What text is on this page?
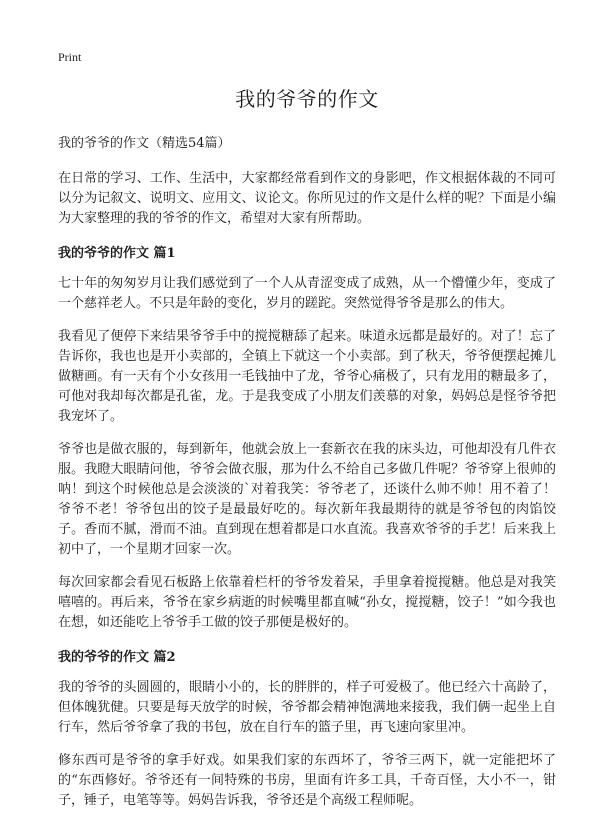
Print
我的爷爷的作文
我的爷爷的作文（精选54篇）

在日常的学习、工作、生活中，大家都经常看到作文的身影吧，作文根据体裁的不同可以分为记叙文、说明文、应用文、议论文。你所见过的作文是什么样的呢？下面是小编为大家整理的我的爷爷的作文，希望对大家有所帮助。

我的爷爷的作文 篇1

七十年的匆匆岁月让我们感觉到了一个人从青涩变成了成熟，从一个懵懂少年，变成了一个慈祥老人。不只是年龄的变化，岁月的蹉跎。突然觉得爷爷是那么的伟大。

我看见了便停下来结果爷爷手中的搅搅糖舔了起来。味道永远都是最好的。对了！忘了告诉你，我也也是开小卖部的，全镇上下就这一个小卖部。到了秋天，爷爷便摆起摊儿做糖画。有一天有个小女孩用一毛钱抽中了龙，爷爷心痛极了，只有龙用的糖最多了，可他对我却每次都是孔雀，龙。于是我变成了小朋友们羡慕的对象，妈妈总是怪爷爷把我宠坏了。

爷爷也是做衣服的，每到新年，他就会放上一套新衣在我的床头边，可他却没有几件衣服。我瞪大眼睛问他，爷爷会做衣服，那为什么不给自己多做几件呢？爷爷穿上很帅的呐！到这个时候他总是会淡淡的`对着我笑：爷爷老了，还谈什么帅不帅！用不着了！爷爷不老！爷爷包出的饺子是最最好吃的。每次新年我最期待的就是爷爷包的肉馅饺子。香而不腻，滑而不油。直到现在想着都是口水直流。我喜欢爷爷的手艺！后来我上初中了，一个星期才回家一次。

每次回家都会看见石板路上依靠着栏杆的爷爷发着呆，手里拿着搅搅糖。他总是对我笑嘻嘻的。再后来，爷爷在家乡病逝的时候嘴里都直喊“孙女，搅搅糖，饺子！”如今我也在想，如还能吃上爷爷手工做的饺子那便是极好的。

我的爷爷的作文 篇2

我的爷爷的头圆圆的，眼睛小小的，长的胖胖的，样子可爱极了。他已经六十高龄了，但体魄犹健。只要是每天放学的时候，爷爷都会精神饱满地来接我，我们俩一起坐上自行车，然后爷爷拿了我的书包，放在自行车的篮子里，再飞速向家里冲。

修东西可是爷爷的拿手好戏。如果我们家的东西坏了，爷爷三两下，就一定能把坏了的“东西修好。爷爷还有一间特殊的书房，里面有许多工具，千奇百怪，大小不一，钳子，锤子，电笔等等。妈妈告诉我，爷爷还是个高级工程师呢。
